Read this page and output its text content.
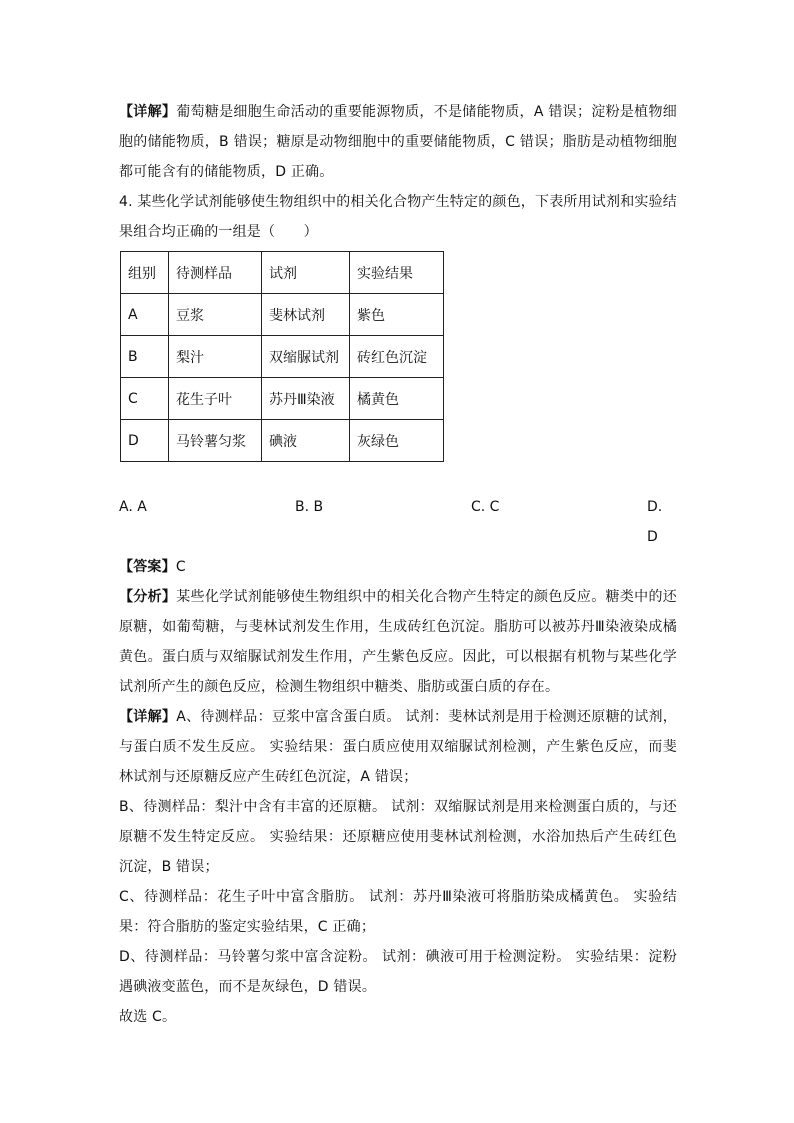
【详解】葡萄糖是细胞生命活动的重要能源物质，不是储能物质，A 错误；淀粉是植物细胞的储能物质，B 错误；糖原是动物细胞中的重要储能物质，C 错误；脂肪是动植物细胞都可能含有的储能物质，D 正确。

4. 某些化学试剂能够使生物组织中的相关化合物产生特定的颜色，下表所用试剂和实验结果组合均正确的一组是（　　）

组别	待测样品	试剂	实验结果
A	豆浆	斐林试剂	紫色
B	梨汁	双缩脲试剂	砖红色沉淀
C	花生子叶	苏丹Ⅲ染液	橘黄色
D	马铃薯匀浆	碘液	灰绿色
A. A	B. B	C. C	D. D

【答案】C

【分析】某些化学试剂能够使生物组织中的相关化合物产生特定的颜色反应。糖类中的还原糖，如葡萄糖，与斐林试剂发生作用，生成砖红色沉淀。脂肪可以被苏丹Ⅲ染液染成橘黄色。蛋白质与双缩脲试剂发生作用，产生紫色反应。因此，可以根据有机物与某些化学试剂所产生的颜色反应，检测生物组织中糖类、脂肪或蛋白质的存在。

【详解】A、待测样品：豆浆中富含蛋白质。 试剂：斐林试剂是用于检测还原糖的试剂，与蛋白质不发生反应。 实验结果：蛋白质应使用双缩脲试剂检测，产生紫色反应，而斐林试剂与还原糖反应产生砖红色沉淀，A 错误；

B、待测样品：梨汁中含有丰富的还原糖。 试剂：双缩脲试剂是用来检测蛋白质的，与还原糖不发生特定反应。 实验结果：还原糖应使用斐林试剂检测，水浴加热后产生砖红色沉淀，B 错误；

C、待测样品：花生子叶中富含脂肪。 试剂：苏丹Ⅲ染液可将脂肪染成橘黄色。 实验结果：符合脂肪的鉴定实验结果，C 正确；

D、待测样品：马铃薯匀浆中富含淀粉。 试剂：碘液可用于检测淀粉。 实验结果：淀粉遇碘液变蓝色，而不是灰绿色，D 错误。

故选 C。
